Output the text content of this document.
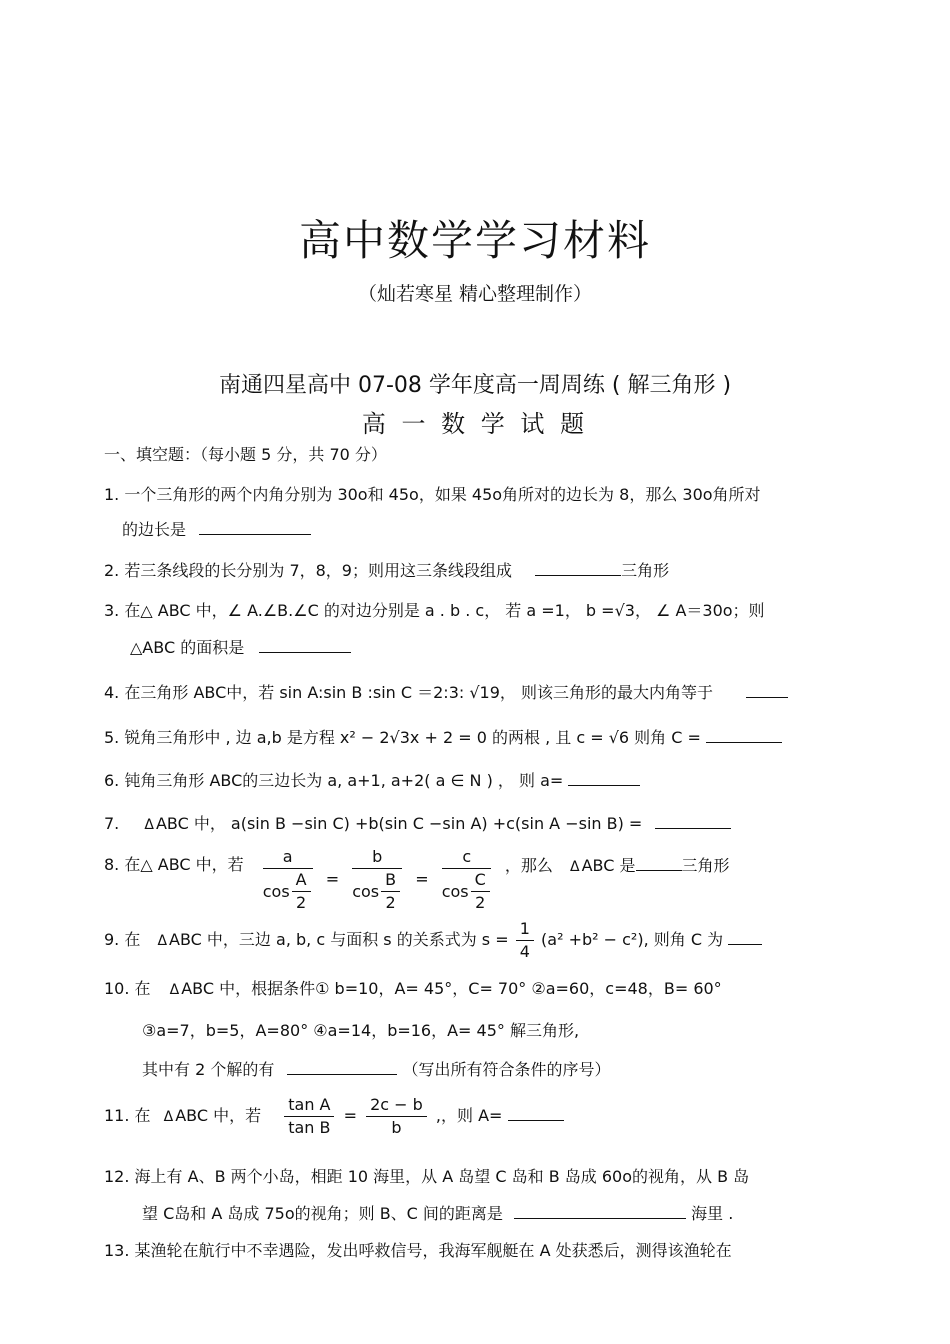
高中数学学习材料
（灿若寒星 精心整理制作）
南通四星高中 07-08 学年度高一周周练 ( 解三角形 )
高 一 数 学 试 题
一、填空题：（每小题 5 分，共 70 分）
1. 一个三角形的两个内角分别为 30o和 45o，如果 45o角所对的边长为 8，那么 30o角所对
的边长是
2. 若三条线段的长分别为 7，8，9；则用这三条线段组成	三角形
3. 在△ ABC 中，∠ A.∠B.∠C 的对边分别是 a . b . c， 若 a =1， b =√3， ∠ A＝30o；则
△ABC 的面积是
4. 在三角形 ABC中，若 sin A:sin B :sin C ＝2:3: √19， 则该三角形的最大内角等于
5. 锐角三角形中 , 边 a,b 是方程 x² − 2√3x + 2 = 0 的两根 , 且 c = √6 则角 C =
6. 钝角三角形 ABC的三边长为 a, a+1, a+2( a ∈ N ) ， 则 a=
7. Δ ABC 中， a(sin B −sin C) +b(sin C −sin A) +c(sin A −sin B) =
8. 在△ ABC 中，若 $\frac{a}{\cos \frac{A}{2}} = \frac{b}{\cos \frac{B}{2}} = \frac{c}{\cos \frac{C}{2}}$ ，那么 Δ ABC 是	三角形
9. 在 Δ ABC 中，三边 a, b, c 与面积 s 的关系式为 $s = \frac{1}{4} (a^2 +b^2 - c^2)$, 则角 C 为
10. 在 Δ ABC 中，根据条件① b=10，A= 45°，C= 70° ②a=60，c=48，B= 60°
③a=7，b=5，A=80° ④a=14，b=16，A= 45° 解三角形,
其中有 2 个解的有	（写出所有符合条件的序号）
11. 在 Δ ABC 中，若 $\frac{\text{tan A}}{\text{tan B}} = \frac{2c - b}{b}$ ,，则 A=
12. 海上有 A、B 两个小岛，相距 10 海里，从 A 岛望 C 岛和 B 岛成 60o的视角，从 B 岛
望 C岛和 A 岛成 75o的视角；则 B、C 间的距离是	海里 .
13. 某渔轮在航行中不幸遇险，发出呼救信号，我海军舰艇在 A 处获悉后，测得该渔轮在
